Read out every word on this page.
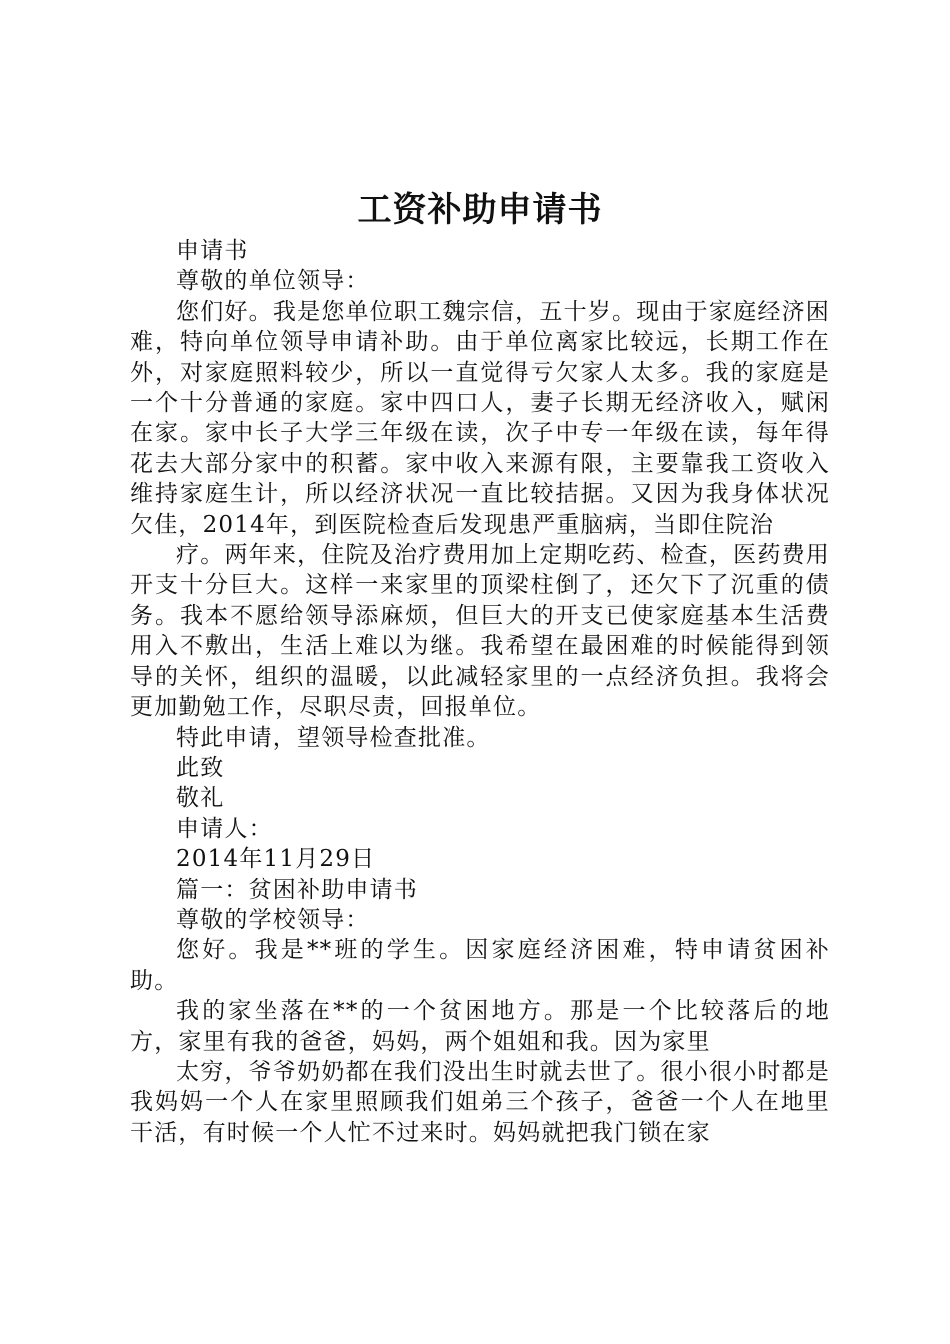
工资补助申请书

申请书

尊敬的单位领导：

您们好。我是您单位职工魏宗信，五十岁。现由于家庭经济困难，特向单位领导申请补助。由于单位离家比较远，长期工作在外，对家庭照料较少，所以一直觉得亏欠家人太多。我的家庭是一个十分普通的家庭。家中四口人，妻子长期无经济收入，赋闲在家。家中长子大学三年级在读，次子中专一年级在读，每年得花去大部分家中的积蓄。家中收入来源有限，主要靠我工资收入维持家庭生计，所以经济状况一直比较拮据。又因为我身体状况欠佳，2014年，到医院检查后发现患严重脑病，当即住院治

疗。两年来，住院及治疗费用加上定期吃药、检查，医药费用开支十分巨大。这样一来家里的顶梁柱倒了，还欠下了沉重的债务。我本不愿给领导添麻烦，但巨大的开支已使家庭基本生活费用入不敷出，生活上难以为继。我希望在最困难的时候能得到领导的关怀，组织的温暖，以此减轻家里的一点经济负担。我将会更加勤勉工作，尽职尽责，回报单位。

特此申请，望领导检查批准。

此致

敬礼

申请人：

2014年11月29日

篇一：贫困补助申请书

尊敬的学校领导：

您好。我是**班的学生。因家庭经济困难，特申请贫困补助。

我的家坐落在**的一个贫困地方。那是一个比较落后的地方，家里有我的爸爸，妈妈，两个姐姐和我。因为家里

太穷，爷爷奶奶都在我们没出生时就去世了。很小很小时都是我妈妈一个人在家里照顾我们姐弟三个孩子，爸爸一个人在地里干活，有时候一个人忙不过来时。妈妈就把我门锁在家
